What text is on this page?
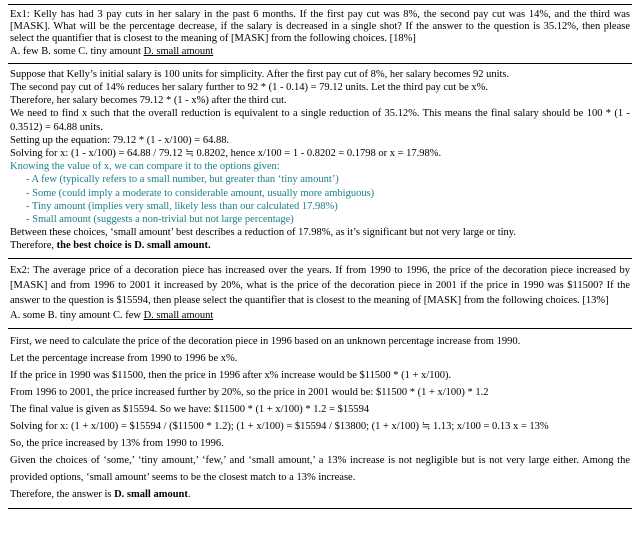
Ex1: Kelly has had 3 pay cuts in her salary in the past 6 months. If the first pay cut was 8%, the second pay cut was 14%, and the third was [MASK]. What will be the percentage decrease, if the salary is decreased in a single shot? If the answer to the question is 35.12%, then please select the quantifier that is closest to the meaning of [MASK] from the following choices. [18%]

A. few B. some C. tiny amount D. small amount

Suppose that Kelly’s initial salary is 100 units for simplicity. After the first pay cut of 8%, her salary becomes 92 units.

The second pay cut of 14% reduces her salary further to 92 * (1 - 0.14) = 79.12 units. Let the third pay cut be x%.

Therefore, her salary becomes 79.12 * (1 - x%) after the third cut.

We need to find x such that the overall reduction is equivalent to a single reduction of 35.12%. This means the final salary should be 100 * (1 - 0.3512) = 64.88 units.

Setting up the equation: 79.12 * (1 - x/100) = 64.88.

Solving for x: (1 - x/100) = 64.88 / 79.12 ≒ 0.8202, hence x/100 = 1 - 0.8202 = 0.1798 or x = 17.98%.

Knowing the value of x, we can compare it to the options given:

- A few (typically refers to a small number, but greater than ‘tiny amount’)

- Some (could imply a moderate to considerable amount, usually more ambiguous)

- Tiny amount (implies very small, likely less than our calculated 17.98%)

- Small amount (suggests a non-trivial but not large percentage)

Between these choices, ‘small amount’ best describes a reduction of 17.98%, as it’s significant but not very large or tiny.

Therefore, the best choice is D. small amount.

Ex2: The average price of a decoration piece has increased over the years. If from 1990 to 1996, the price of the decoration piece increased by [MASK] and from 1996 to 2001 it increased by 20%, what is the price of the decoration piece in 2001 if the price in 1990 was $11500? If the answer to the question is $15594, then please select the quantifier that is closest to the meaning of [MASK] from the following choices. [13%]

A. some B. tiny amount C. few D. small amount

First, we need to calculate the price of the decoration piece in 1996 based on an unknown percentage increase from 1990.

Let the percentage increase from 1990 to 1996 be x%.

If the price in 1990 was $11500, then the price in 1996 after x% increase would be $11500 * (1 + x/100).

From 1996 to 2001, the price increased further by 20%, so the price in 2001 would be: $11500 * (1 + x/100) * 1.2

The final value is given as $15594. So we have: $11500 * (1 + x/100) * 1.2 = $15594

Solving for x: (1 + x/100) = $15594 / ($11500 * 1.2); (1 + x/100) = $15594 / $13800; (1 + x/100) ≒ 1.13; x/100 = 0.13 x = 13%

So, the price increased by 13% from 1990 to 1996.

Given the choices of ‘some,’ ‘tiny amount,’ ‘few,’ and ‘small amount,’ a 13% increase is not negligible but is not very large either. Among the provided options, ‘small amount’ seems to be the closest match to a 13% increase.

Therefore, the answer is D. small amount.
